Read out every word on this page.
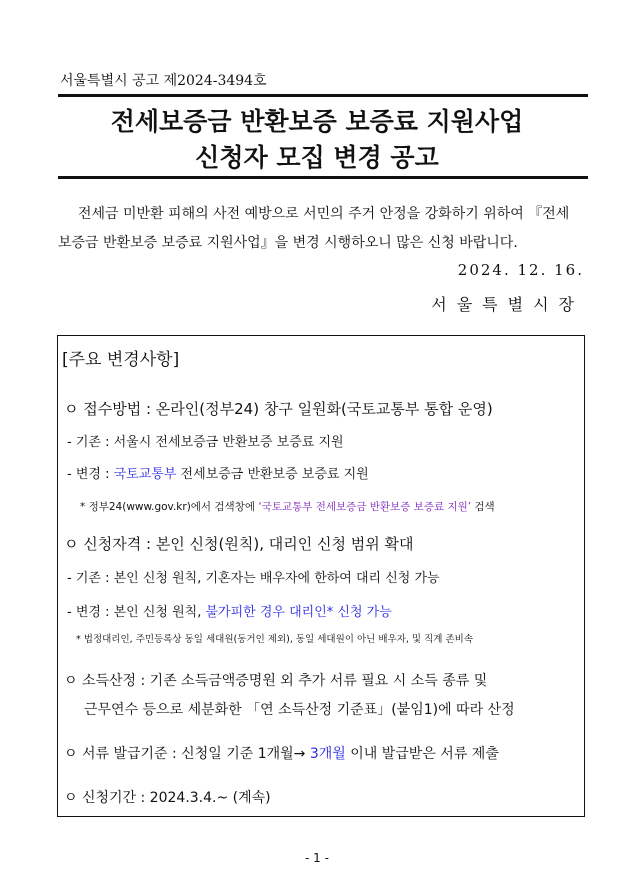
서울특별시 공고 제2024-3494호
전세보증금 반환보증 보증료 지원사업
신청자 모집 변경 공고
전세금 미반환 피해의 사전 예방으로 서민의 주거 안정을 강화하기 위하여 『전세
보증금 반환보증 보증료 지원사업』을 변경 시행하오니 많은 신청 바랍니다.
2024. 12. 16.
서울특별시장
[주요 변경사항]
ㅇ 접수방법 : 온라인(정부24) 창구 일원화(국토교통부 통합 운영)
- 기존 : 서울시 전세보증금 반환보증 보증료 지원
- 변경 : 국토교통부 전세보증금 반환보증 보증료 지원
* 정부24(www.gov.kr)에서 검색창에 ‘국토교통부 전세보증금 반환보증 보증료 지원’ 검색
ㅇ 신청자격 : 본인 신청(원칙), 대리인 신청 범위 확대
- 기존 : 본인 신청 원칙, 기혼자는 배우자에 한하여 대리 신청 가능
- 변경 : 본인 신청 원칙, 불가피한 경우 대리인* 신청 가능
* 법정대리인, 주민등록상 동일 세대원(동거인 제외), 동일 세대원이 아닌 배우자, 및 직계 존비속
ㅇ 소득산정 : 기존 소득금액증명원 외 추가 서류 필요 시 소득 종류 및
근무연수 등으로 세분화한 「연 소득산정 기준표」(붙임1)에 따라 산정
ㅇ 서류 발급기준 : 신청일 기준 1개월→ 3개월 이내 발급받은 서류 제출
ㅇ 신청기간 : 2024.3.4.~ (계속)
- 1 -
